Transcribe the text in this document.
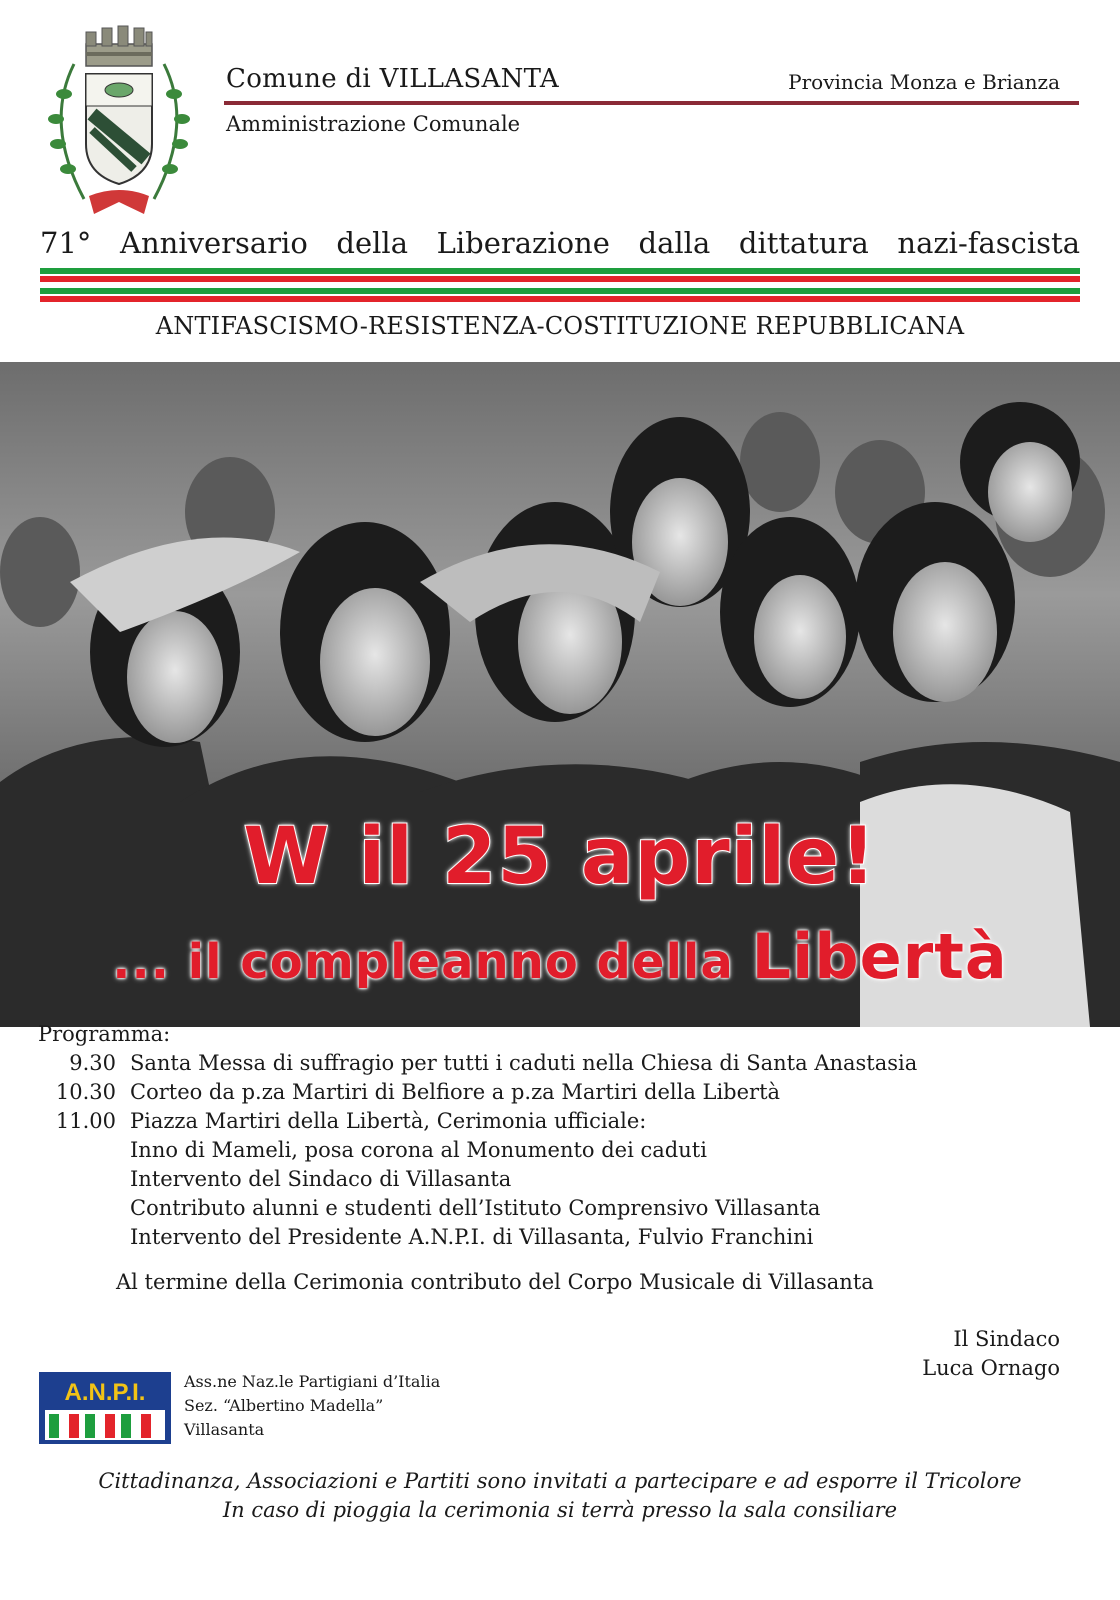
Comune di VILLASANTA	Provincia Monza e Brianza
Amministrazione Comunale
71° Anniversario della Liberazione dalla dittatura nazi-fascista
ANTIFASCISMO-RESISTENZA-COSTITUZIONE REPUBBLICANA
W il 25 aprile!
... il compleanno della Libertà
Programma:
9.30 Santa Messa di suffragio per tutti i caduti nella Chiesa di Santa Anastasia
10.30 Corteo da p.za Martiri di Belfiore a p.za Martiri della Libertà
11.00 Piazza Martiri della Libertà, Cerimonia ufficiale:
Inno di Mameli, posa corona al Monumento dei caduti
Intervento del Sindaco di Villasanta
Contributo alunni e studenti dell’Istituto Comprensivo Villasanta
Intervento del Presidente A.N.P.I. di Villasanta, Fulvio Franchini
Al termine della Cerimonia contributo del Corpo Musicale di Villasanta
Il Sindaco
Luca Ornago
A.N.P.I. Ass.ne Naz.le Partigiani d’Italia
Sez. “Albertino Madella”
Villasanta
Cittadinanza, Associazioni e Partiti sono invitati a partecipare e ad esporre il Tricolore
In caso di pioggia la cerimonia si terrà presso la sala consiliare
